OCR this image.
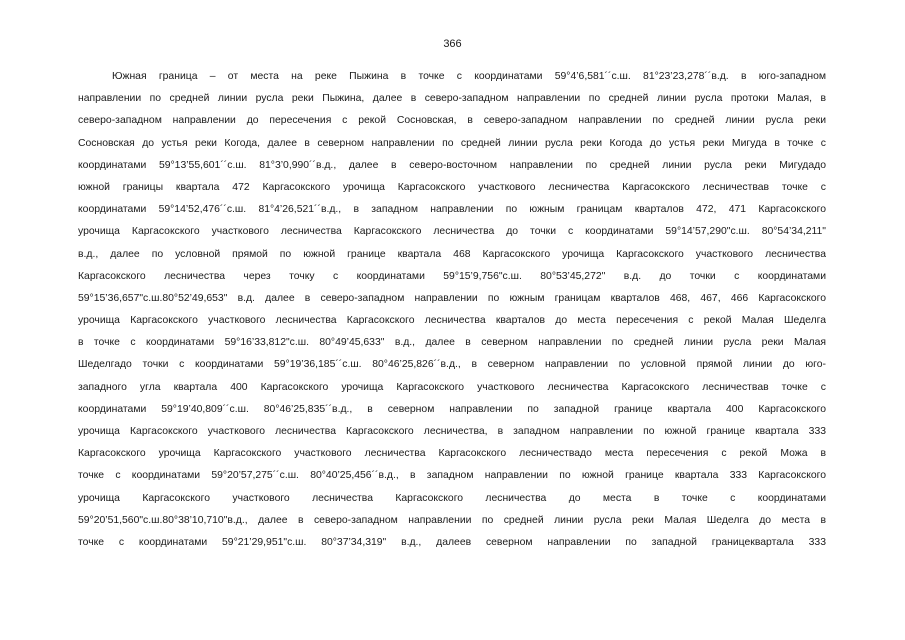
366
Южная граница – от места на реке Пыжина в точке с координатами 59°4’6,581´´с.ш. 81°23’23,278´´в.д. в юго-западном
направлении по средней линии русла реки Пыжина, далее в северо-западном направлении по средней линии русла протоки Малая, в
северо-западном направлении до пересечения с рекой Сосновская, в северо-западном направлении по средней линии русла реки
Сосновская до устья реки Когода, далее в северном направлении по средней линии русла реки Когода до устья реки Мигуда в точке с
координатами 59°13’55,601´´с.ш. 81°3’0,990´´в.д., далее в северо-восточном направлении по средней линии русла реки Мигудадо
южной границы квартала 472 Каргасокского урочища Каргасокского участкового лесничества Каргасокского лесничествав точке с
координатами 59°14’52,476´´с.ш. 81°4’26,521´´в.д., в западном направлении по южным границам кварталов 472, 471 Каргасокского
урочища Каргасокского участкового лесничества Каргасокского лесничества до точки с координатами 59°14’57,290"с.ш. 80°54’34,211"
в.д., далее по условной прямой по южной границе квартала 468 Каргасокского урочища Каргасокского участкового лесничества
Каргасокского лесничества через точку с координатами 59°15’9,756"с.ш. 80°53’45,272" в.д. до точки с координатами
59°15’36,657"с.ш.80°52’49,653" в.д. далее в северо-западном направлении по южным границам кварталов 468, 467, 466 Каргасокского
урочища Каргасокского участкового лесничества Каргасокского лесничества кварталов до места пересечения с рекой Малая Шеделга
в точке с координатами 59°16’33,812"с.ш. 80°49’45,633" в.д., далее в северном направлении по средней линии русла реки Малая
Шеделгадо точки с координатами 59°19’36,185´´с.ш. 80°46’25,826´´в.д., в северном направлении по условной прямой линии до юго-
западного угла квартала 400 Каргасокского урочища Каргасокского участкового лесничества Каргасокского лесничествав точке с
координатами 59°19’40,809´´с.ш. 80°46’25,835´´в.д., в северном направлении по западной границе квартала 400 Каргасокского
урочища Каргасокского участкового лесничества Каргасокского лесничества, в западном направлении по южной границе квартала 333
Каргасокского урочища Каргасокского участкового лесничества Каргасокского лесничествадо места пересечения с рекой Можа в
точке с координатами 59°20’57,275´´с.ш. 80°40’25,456´´в.д., в западном направлении по южной границе квартала 333 Каргасокского
урочища Каргасокского участкового лесничества Каргасокского лесничества до места в точке с координатами
59°20’51,560"с.ш.80°38’10,710"в.д., далее в северо-западном направлении по средней линии русла реки Малая Шеделга до места в
точке с координатами 59°21’29,951"с.ш. 80°37’34,319" в.д., далеев северном направлении по западной границеквартала 333
